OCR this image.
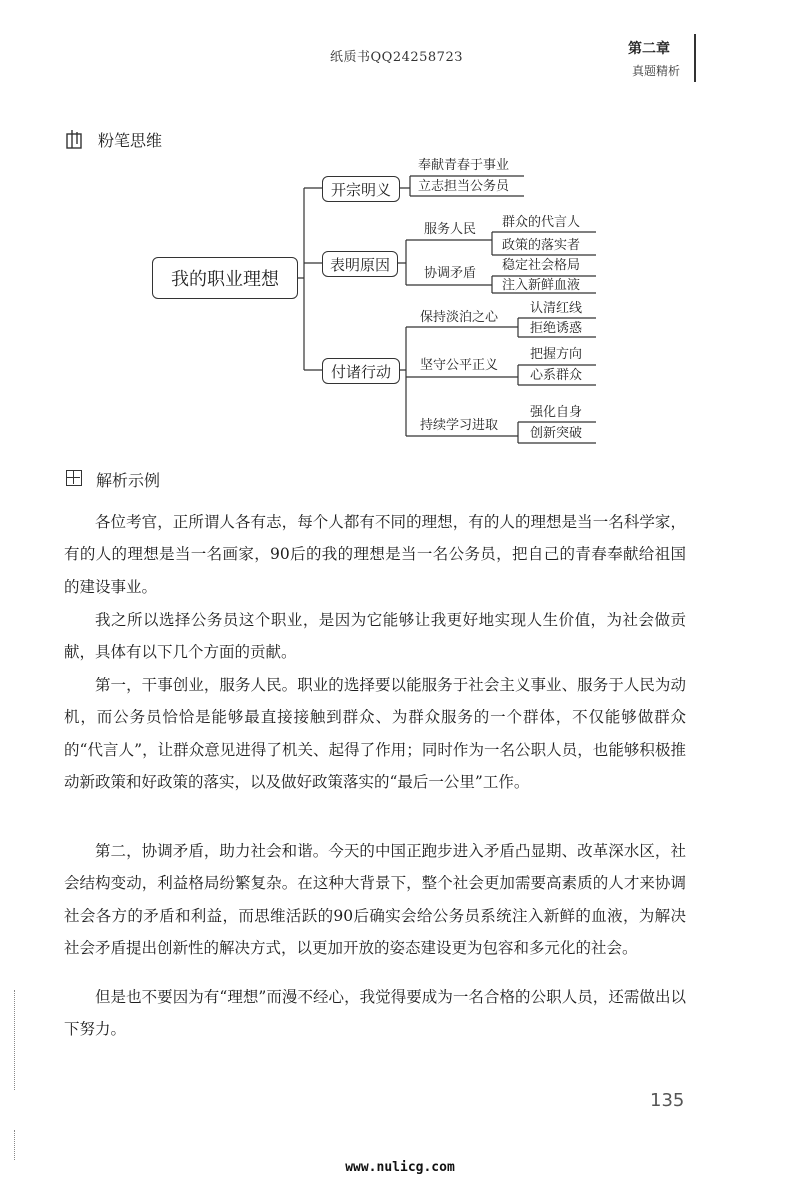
纸质书QQ2425872З
第二章
真题精析
粉笔思维
我的职业理想
开宗明义
表明原因
付诸行动
奉献青春于事业
立志担当公务员
服务人民 群众的代言人
政策的落实者
协调矛盾
稳定社会格局
注入新鲜血液
保持淡泊之心
认清红线
拒绝诱惑
坚守公平正义
把握方向
心系群众
持续学习进取
强化自身
创新突破
解析示例

各位考官，正所谓人各有志，每个人都有不同的理想，有的人的理想是当一名科学家，有的人的理想是当一名画家，90后的我的理想是当一名公务员，把自己的青春奉献给祖国的建设事业。

我之所以选择公务员这个职业，是因为它能够让我更好地实现人生价值，为社会做贡献，具体有以下几个方面的贡献。

第一，干事创业，服务人民。职业的选择要以能服务于社会主义事业、服务于人民为动机，而公务员恰恰是能够最直接接触到群众、为群众服务的一个群体，不仅能够做群众的“代言人”，让群众意见进得了机关、起得了作用；同时作为一名公职人员，也能够积极推动新政策和好政策的落实，以及做好政策落实的“最后一公里”工作。

第二，协调矛盾，助力社会和谐。今天的中国正跑步进入矛盾凸显期、改革深水区，社会结构变动，利益格局纷繁复杂。在这种大背景下，整个社会更加需要高素质的人才来协调社会各方的矛盾和利益，而思维活跃的90后确实会给公务员系统注入新鲜的血液，为解决社会矛盾提出创新性的解决方式，以更加开放的姿态建设更为包容和多元化的社会。

但是也不要因为有“理想”而漫不经心，我觉得要成为一名合格的公职人员，还需做出以下努力。

135
www.nulicg.com
